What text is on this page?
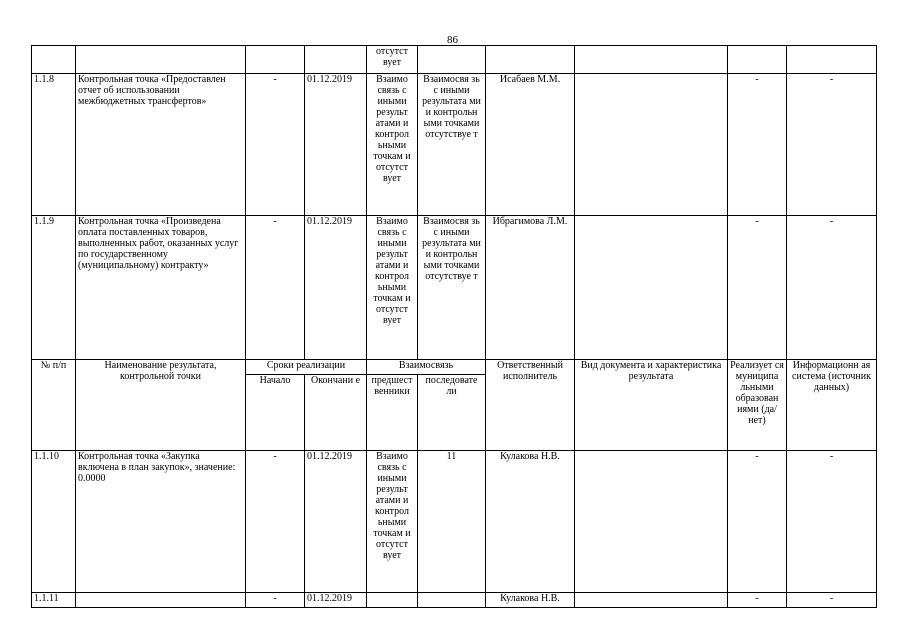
86
				отсутст вует					
1.1.8	Контрольная точка «Предоставлен отчет об использовании межбюджетных трансфертов»	-	01.12.2019	Взаимо связь с иными результ атами и контрол ьными точкам и отсутст вует	Взаимосвя зь с иными результата ми и контрольн ыми точками отсутствуе т	Исабаев М.М.		-	-
1.1.9	Контрольная точка «Произведена оплата поставленных товаров, выполненных работ, оказанных услуг по государственному (муниципальному) контракту»	-	01.12.2019	Взаимо связь с иными результ атами и контрол ьными точкам и отсутст вует	Взаимосвя зь с иными результата ми и контрольн ыми точками отсутствуе т	Ибрагимова Л.М.		-	-
№ п/п	Наименование результата, контрольной точки	Сроки реализации		Взаимосвязь		Ответственный исполнитель	Вид документа и характеристика результата	Реализует ся муниципа льными образован иями (да/нет)	Информационн ая система (источник данных)
		Начало	Окончани е	предшест венники	последовате ли				
1.1.10	Контрольная точка «Закупка включена в план закупок», значение: 0.0000	-	01.12.2019	Взаимо связь с иными результ атами и контрол ьными точкам и отсутст вует	11	Кулакова Н.В.		-	-
1.1.11		-	01.12.2019			Кулакова Н.В.		-	-
